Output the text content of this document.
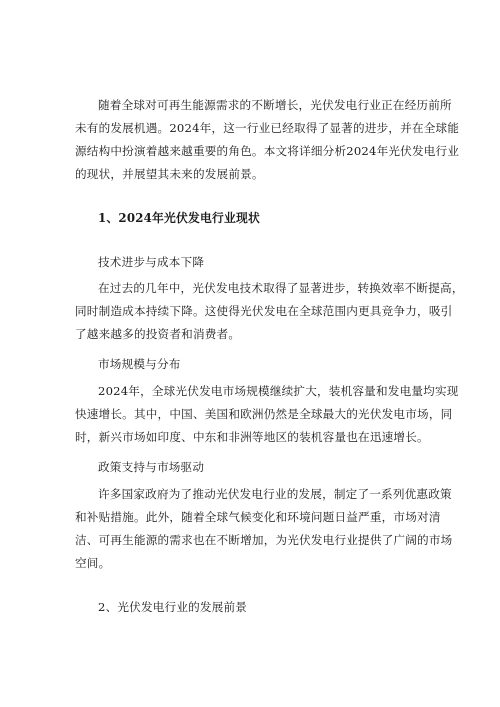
随着全球对可再生能源需求的不断增长，光伏发电行业正在经历前所
未有的发展机遇。2024年，这一行业已经取得了显著的进步，并在全球能
源结构中扮演着越来越重要的角色。本文将详细分析2024年光伏发电行业
的现状，并展望其未来的发展前景。
1、2024年光伏发电行业现状
技术进步与成本下降
在过去的几年中，光伏发电技术取得了显著进步，转换效率不断提高，
同时制造成本持续下降。这使得光伏发电在全球范围内更具竞争力，吸引
了越来越多的投资者和消费者。
市场规模与分布
2024年，全球光伏发电市场规模继续扩大，装机容量和发电量均实现
快速增长。其中，中国、美国和欧洲仍然是全球最大的光伏发电市场，同
时，新兴市场如印度、中东和非洲等地区的装机容量也在迅速增长。
政策支持与市场驱动
许多国家政府为了推动光伏发电行业的发展，制定了一系列优惠政策
和补贴措施。此外，随着全球气候变化和环境问题日益严重，市场对清
洁、可再生能源的需求也在不断增加，为光伏发电行业提供了广阔的市场
空间。
2、光伏发电行业的发展前景
